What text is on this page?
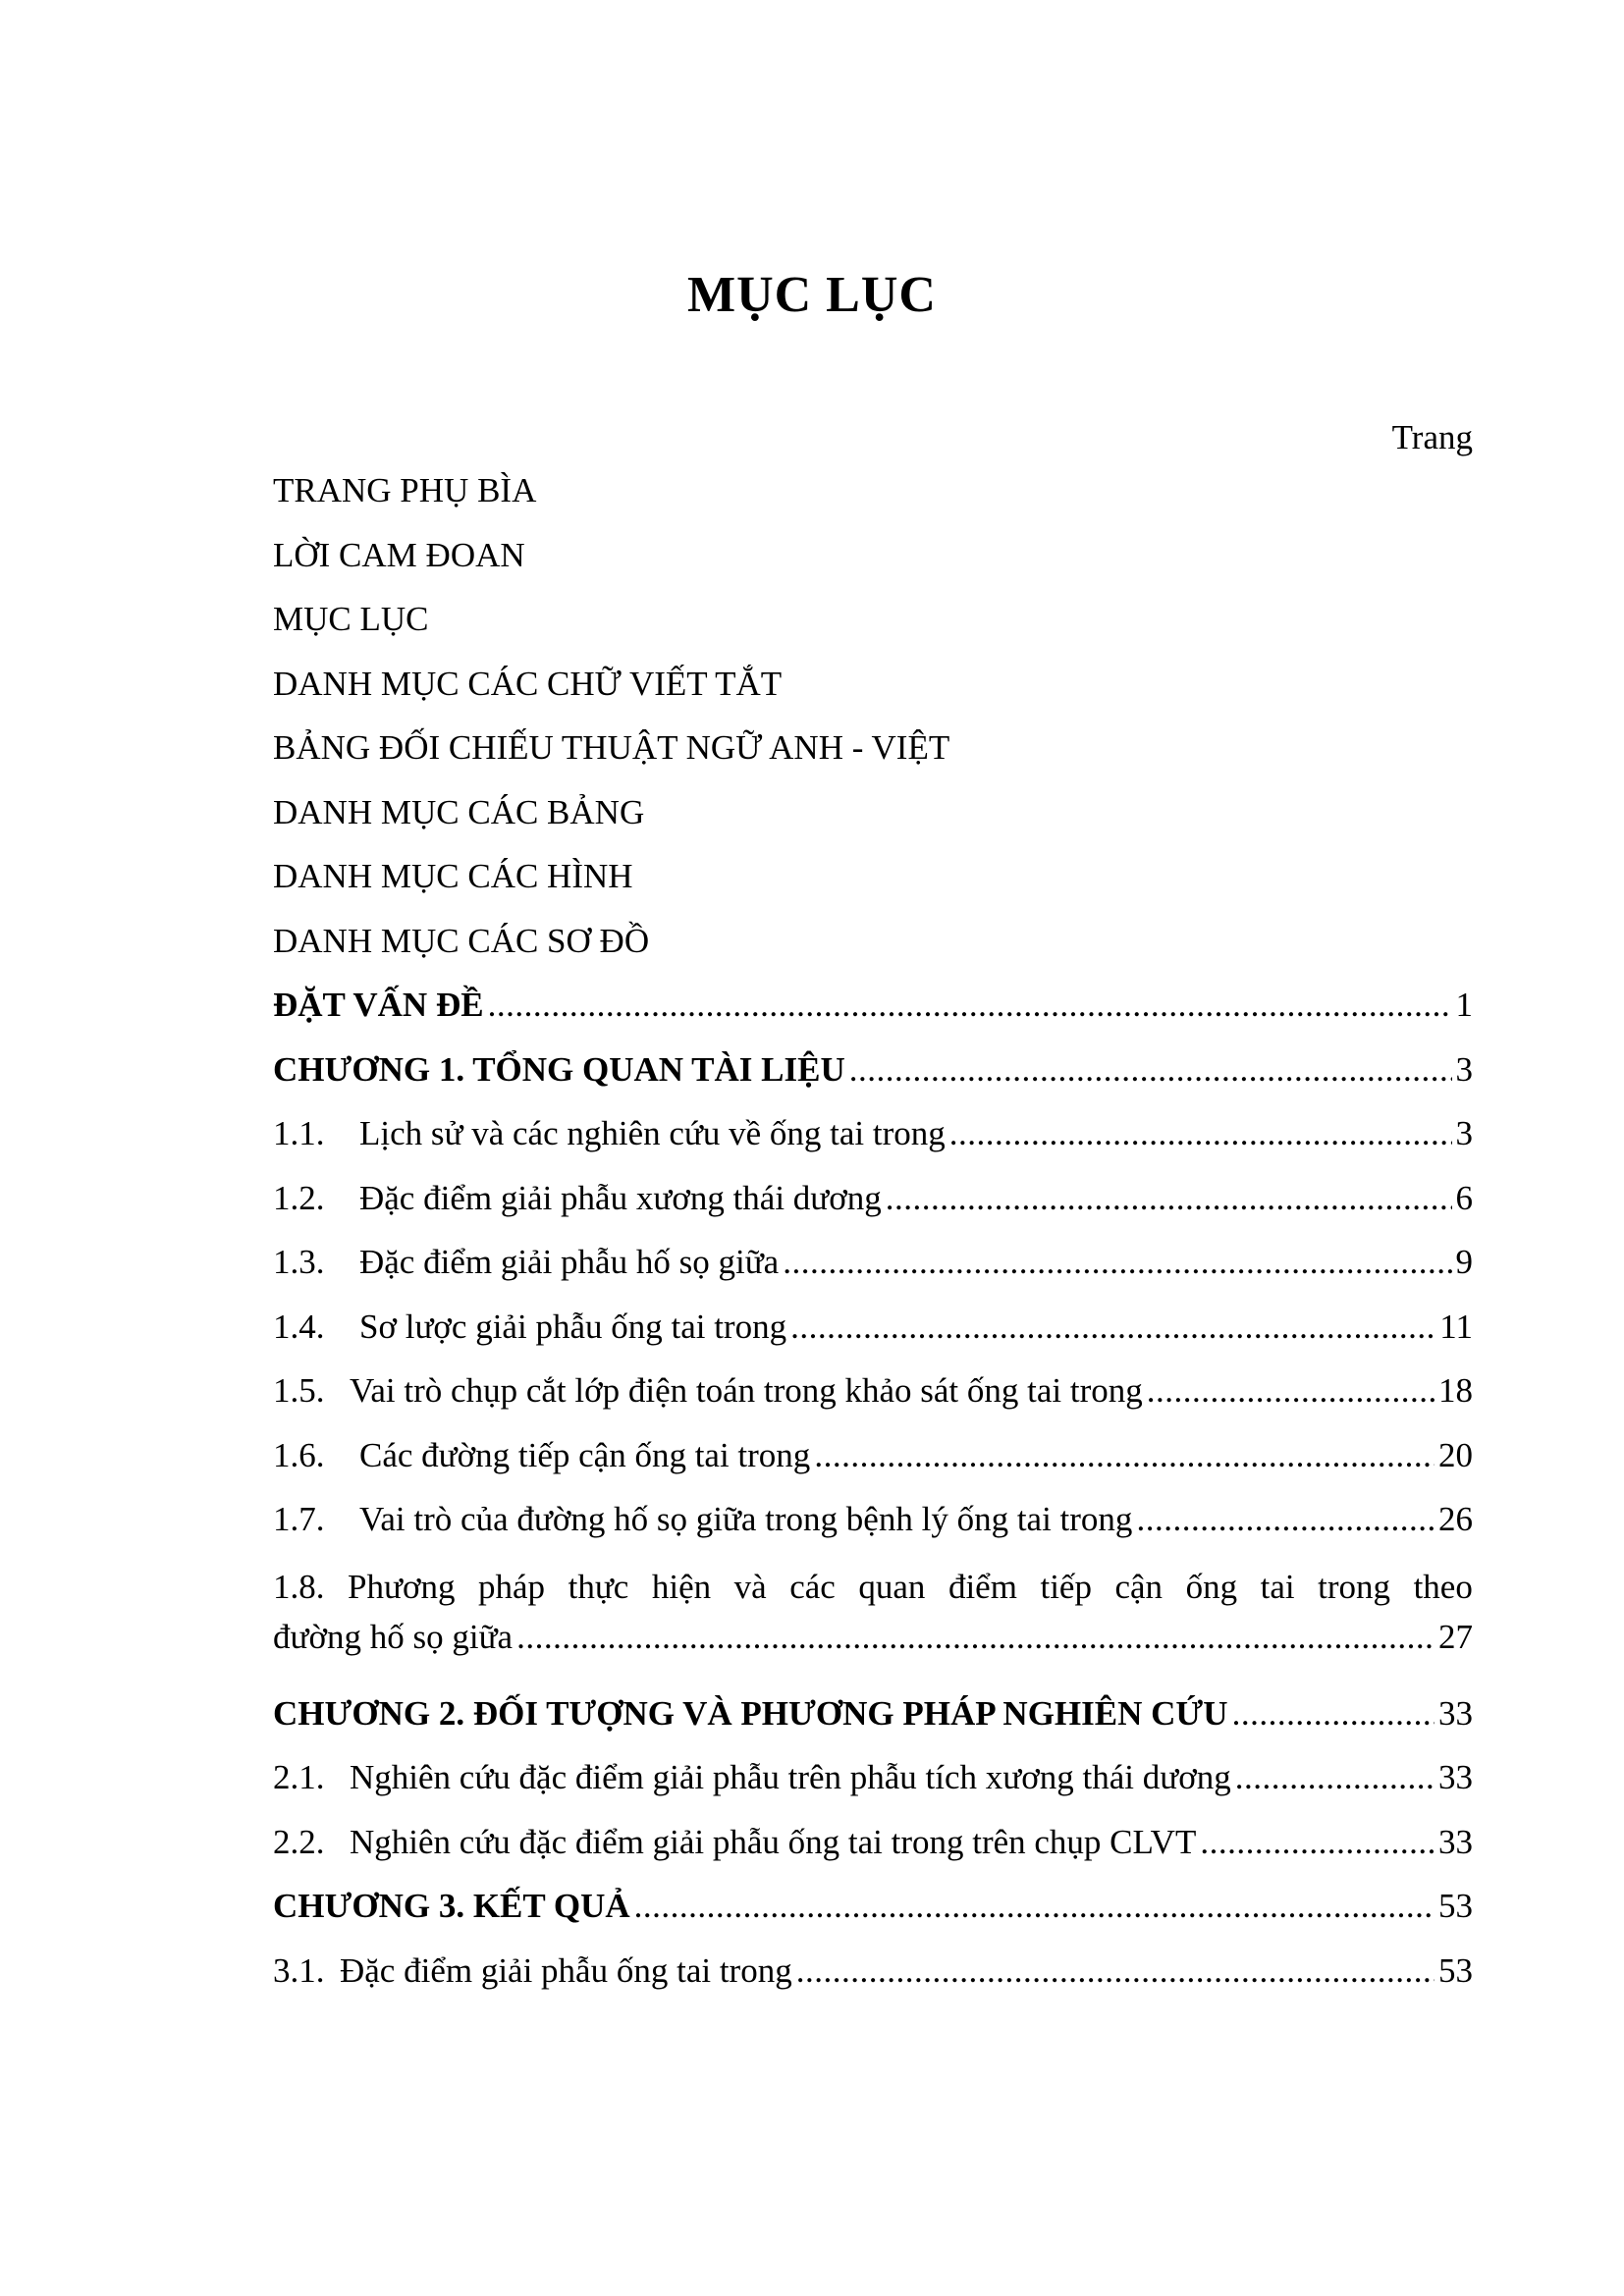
MỤC LỤC
Trang
TRANG PHỤ BÌA
LỜI CAM ĐOAN
MỤC LỤC
DANH MỤC CÁC CHỮ VIẾT TẮT
BẢNG ĐỐI CHIẾU THUẬT NGỮ ANH - VIỆT
DANH MỤC CÁC BẢNG
DANH MỤC CÁC HÌNH
DANH MỤC CÁC SƠ ĐỒ
ĐẶT VẤN ĐỀ .....	1
CHƯƠNG 1. TỔNG QUAN TÀI LIỆU .....	3
1.1. Lịch sử và các nghiên cứu về ống tai trong .....	3
1.2. Đặc điểm giải phẫu xương thái dương .....	6
1.3. Đặc điểm giải phẫu hố sọ giữa .....	9
1.4. Sơ lược giải phẫu ống tai trong .....	11
1.5. Vai trò chụp cắt lớp điện toán trong khảo sát ống tai trong .....	18
1.6. Các đường tiếp cận ống tai trong .....	20
1.7. Vai trò của đường hố sọ giữa trong bệnh lý ống tai trong .....	26
1.8. Phương pháp thực hiện và các quan điểm tiếp cận ống tai trong theo
đường hố sọ giữa .....	27
CHƯƠNG 2. ĐỐI TƯỢNG VÀ PHƯƠNG PHÁP NGHIÊN CỨU .....	33
2.1. Nghiên cứu đặc điểm giải phẫu trên phẫu tích xương thái dương .....	33
2.2. Nghiên cứu đặc điểm giải phẫu ống tai trong trên chụp CLVT .....	33
CHƯƠNG 3. KẾT QUẢ .....	53
3.1. Đặc điểm giải phẫu ống tai trong .....	53
